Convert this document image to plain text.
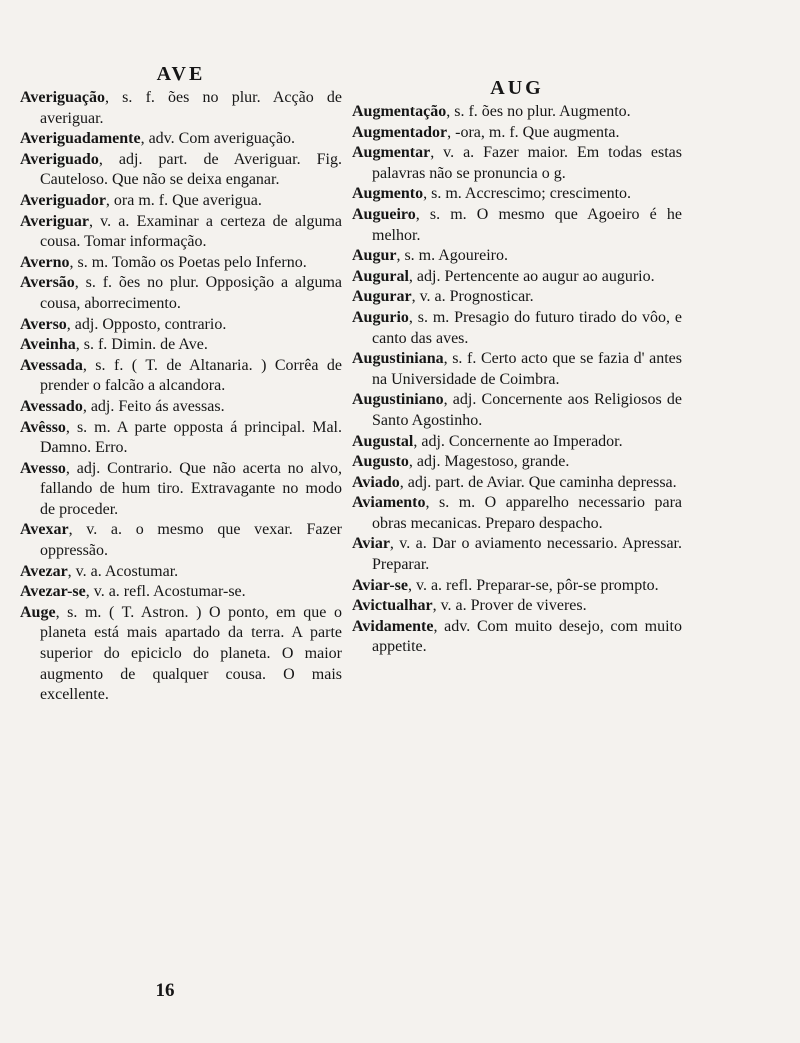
AVE
Averiguação, s. f. ões no plur. Acção de averiguar.
Averiguadamente, adv. Com averiguação.
Averiguado, adj. part. de Averiguar. Fig. Cauteloso. Que não se deixa enganar.
Averiguador, ora m. f. Que averigua.
Averiguar, v. a. Examinar a certeza de alguma cousa. Tomar informação.
Averno, s. m. Tomão os Poetas pelo Inferno.
Aversão, s. f. ões no plur. Opposição a alguma cousa, aborrecimento.
Averso, adj. Opposto, contrario.
Aveinha, s. f. Dimin. de Ave.
Avessada, s. f. ( T. de Altanaria. ) Corrêa de prender o falcão a alcandora.
Avessado, adj. Feito ás avessas.
Avêsso, s. m. A parte opposta á principal. Mal. Damno. Erro.
Avesso, adj. Contrario. Que não acerta no alvo, fallando de hum tiro. Extravagante no modo de proceder.
Avexar, v. a. o mesmo que vexar. Fazer oppressão.
Avezar, v. a. Acostumar.
Avezar-se, v. a. refl. Acostumar-se.
Auge, s. m. ( T. Astron. ) O ponto, em que o planeta está mais apartado da terra. A parte superior do epiciclo do planeta. O maior augmento de qualquer cousa. O mais excellente.
AUG
Augmentação, s. f. ões no plur. Augmento.
Augmentador, -ora, m. f. Que augmenta.
Augmentar, v. a. Fazer maior. Em todas estas palavras não se pronuncia o g.
Augmento, s. m. Accrescimo; crescimento.
Augueiro, s. m. O mesmo que Agoeiro é he melhor.
Augur, s. m. Agoureiro.
Augural, adj. Pertencente ao augur ao augurio.
Augurar, v. a. Prognosticar.
Augurio, s. m. Presagio do futuro tirado do vôo, e canto das aves.
Augustiniana, s. f. Certo acto que se fazia d' antes na Universidade de Coimbra.
Augustiniano, adj. Concernente aos Religiosos de Santo Agostinho.
Augustal, adj. Concernente ao Imperador.
Augusto, adj. Magestoso, grande.
Aviado, adj. part. de Aviar. Que caminha depressa.
Aviamento, s. m. O apparelho necessario para obras mecanicas. Preparo despacho.
Aviar, v. a. Dar o aviamento necessario. Apressar. Preparar.
Aviar-se, v. a. refl. Preparar-se, pôr-se prompto.
Avictualhar, v. a. Prover de viveres.
Avidamente, adv. Com muito desejo, com muito appetite.
16
